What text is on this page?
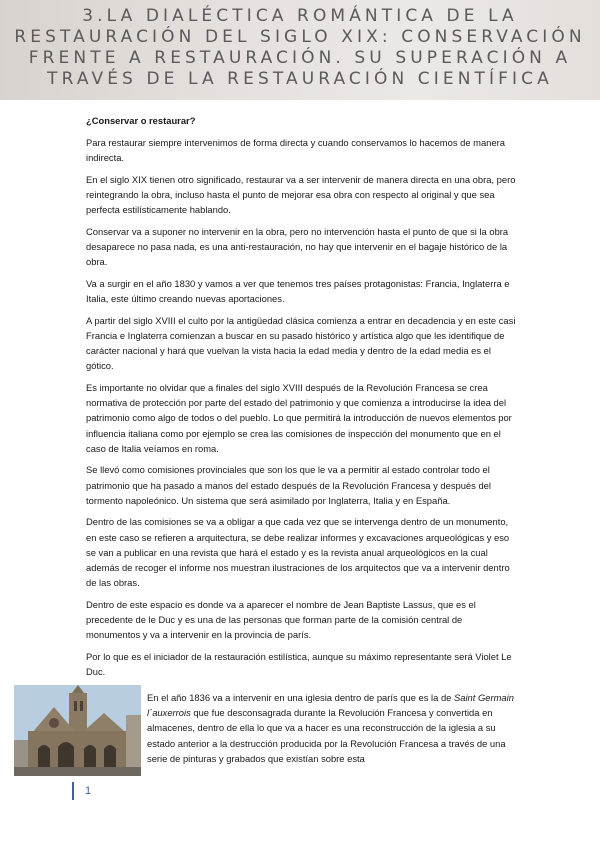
3.LA DIALÉCTICA ROMÁNTICA DE LA
RESTAURACIÓN DEL SIGLO XIX: CONSERVACIÓN
FRENTE A RESTAURACIÓN. SU SUPERACIÓN A
TRAVÉS DE LA RESTAURACIÓN CIENTÍFICA

¿Conservar o restaurar?

Para restaurar siempre intervenimos de forma directa y cuando conservamos lo hacemos de manera indirecta.

En el siglo XIX tienen otro significado, restaurar va a ser intervenir de manera directa en una obra, pero reintegrando la obra, incluso hasta el punto de mejorar esa obra con respecto al original y que sea perfecta estilísticamente hablando.

Conservar va a suponer no intervenir en la obra, pero no intervención hasta el punto de que si la obra desaparece no pasa nada, es una anti-restauración, no hay que intervenir en el bagaje histórico de la obra.

Va a surgir en el año 1830 y vamos a ver que tenemos tres países protagonistas: Francia, Inglaterra e Italia, este último creando nuevas aportaciones.

A partir del siglo XVIII el culto por la antigüedad clásica comienza a entrar en decadencia y en este casi Francia e Inglaterra comienzan a buscar en su pasado histórico y artística algo que les identifique de carácter nacional y hará que vuelvan la vista hacia la edad media y dentro de la edad media es el gótico.

Es importante no olvidar que a finales del siglo XVIII después de la Revolución Francesa se crea normativa de protección por parte del estado del patrimonio y que comienza a introducirse la idea del patrimonio como algo de todos o del pueblo. Lo que permitirá la introducción de nuevos elementos por influencia italiana como por ejemplo se crea las comisiones de inspección del monumento que en el caso de Italia veíamos en roma.

Se llevó como comisiones provinciales que son los que le va a permitir al estado controlar todo el patrimonio que ha pasado a manos del estado después de la Revolución Francesa y después del tormento napoleónico. Un sistema que será asimilado por Inglaterra, Italia y en España.

Dentro de las comisiones se va a obligar a que cada vez que se intervenga dentro de un monumento, en este caso se refieren a arquitectura, se debe realizar informes y excavaciones arqueológicas y eso se van a publicar en una revista que hará el estado y es la revista anual arqueológicos en la cual además de recoger el informe nos muestran ilustraciones de los arquitectos que va a intervenir dentro de las obras.

Dentro de este espacio es donde va a aparecer el nombre de Jean Baptiste Lassus, que es el precedente de le Duc y es una de las personas que forman parte de la comisión central de monumentos y va a intervenir en la provincia de parís.

Por lo que es el iniciador de la restauración estilística, aunque su máximo representante será Violet Le Duc.

En el año 1836 va a intervenir en una iglesia dentro de parís que es la de Saint Germain l´auxerrois que fue desconsagrada durante la Revolución Francesa y convertida en almacenes, dentro de ella lo que va a hacer es una reconstrucción de la iglesia a su estado anterior a la destrucción producida por la Revolución Francesa a través de una serie de pinturas y grabados que existían sobre esta
1
